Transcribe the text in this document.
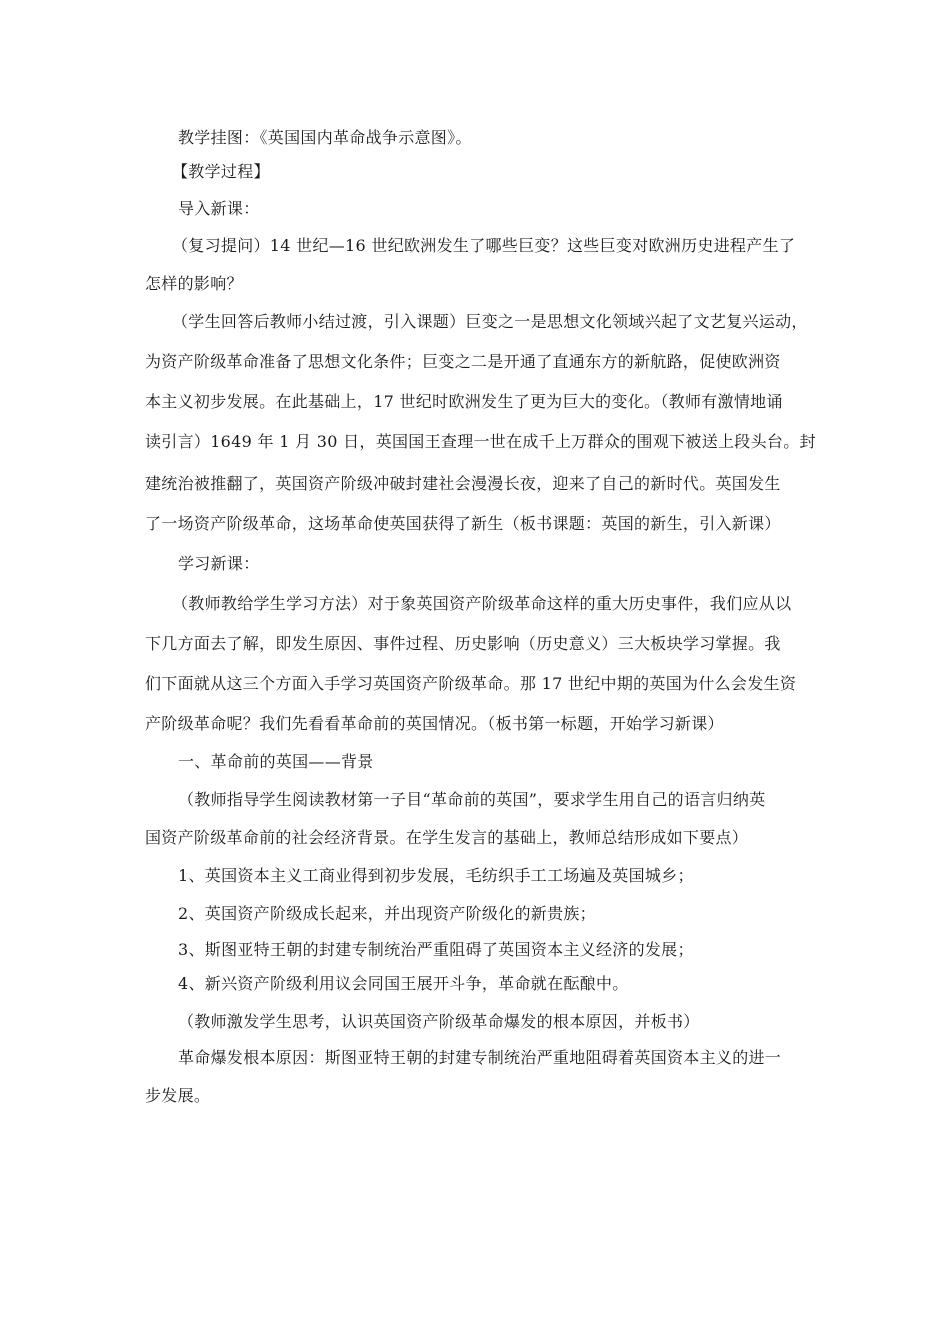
教学挂图：《英国国内革命战争示意图》。
【教学过程】
导入新课：
（复习提问）14 世纪—16 世纪欧洲发生了哪些巨变？这些巨变对欧洲历史进程产生了
怎样的影响？
（学生回答后教师小结过渡，引入课题）巨变之一是思想文化领域兴起了文艺复兴运动，
为资产阶级革命准备了思想文化条件；巨变之二是开通了直通东方的新航路，促使欧洲资
本主义初步发展。在此基础上，17 世纪时欧洲发生了更为巨大的变化。（教师有激情地诵
读引言）1649 年 1 月 30 日，英国国王查理一世在成千上万群众的围观下被送上段头台。封
建统治被推翻了，英国资产阶级冲破封建社会漫漫长夜，迎来了自己的新时代。英国发生
了一场资产阶级革命，这场革命使英国获得了新生（板书课题：英国的新生，引入新课）
学习新课：
（教师教给学生学习方法）对于象英国资产阶级革命这样的重大历史事件，我们应从以
下几方面去了解，即发生原因、事件过程、历史影响（历史意义）三大板块学习掌握。我
们下面就从这三个方面入手学习英国资产阶级革命。那 17 世纪中期的英国为什么会发生资
产阶级革命呢？我们先看看革命前的英国情况。（板书第一标题，开始学习新课）
一、革命前的英国——背景
（教师指导学生阅读教材第一子目“革命前的英国”，要求学生用自己的语言归纳英
国资产阶级革命前的社会经济背景。在学生发言的基础上，教师总结形成如下要点）
1、英国资本主义工商业得到初步发展，毛纺织手工工场遍及英国城乡；
2、英国资产阶级成长起来，并出现资产阶级化的新贵族；
3、斯图亚特王朝的封建专制统治严重阻碍了英国资本主义经济的发展；
4、新兴资产阶级利用议会同国王展开斗争，革命就在酝酿中。
（教师激发学生思考，认识英国资产阶级革命爆发的根本原因，并板书）
革命爆发根本原因：斯图亚特王朝的封建专制统治严重地阻碍着英国资本主义的进一
步发展。
